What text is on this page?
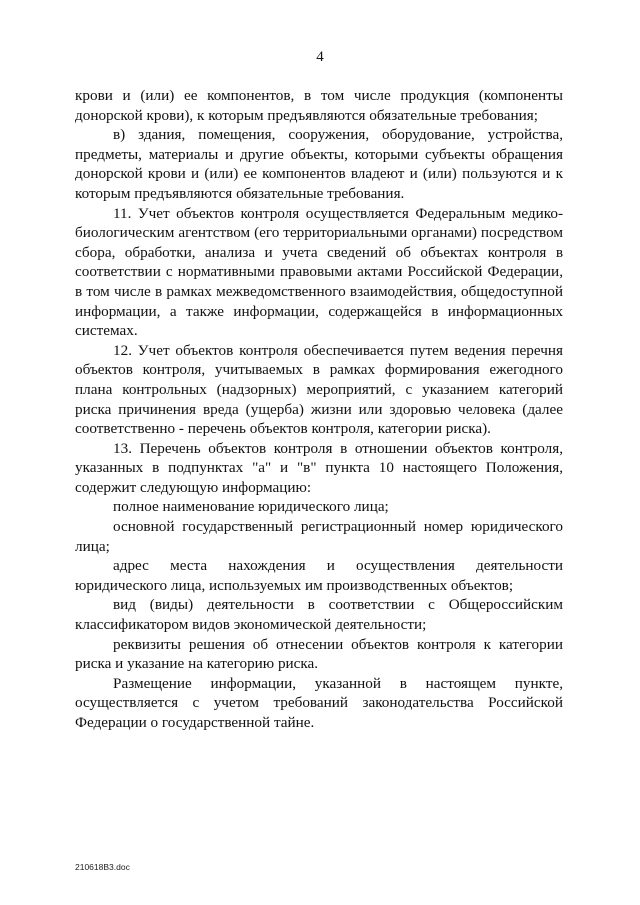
4

крови и (или) ее компонентов, в том числе продукция (компоненты донорской крови), к которым предъявляются обязательные требования;

в) здания, помещения, сооружения, оборудование, устройства, предметы, материалы и другие объекты, которыми субъекты обращения донорской крови и (или) ее компонентов владеют и (или) пользуются и к которым предъявляются обязательные требования.

11. Учет объектов контроля осуществляется Федеральным медико-биологическим агентством (его территориальными органами) посредством сбора, обработки, анализа и учета сведений об объектах контроля в соответствии с нормативными правовыми актами Российской Федерации, в том числе в рамках межведомственного взаимодействия, общедоступной информации, а также информации, содержащейся в информационных системах.

12. Учет объектов контроля обеспечивается путем ведения перечня объектов контроля, учитываемых в рамках формирования ежегодного плана контрольных (надзорных) мероприятий, с указанием категорий риска причинения вреда (ущерба) жизни или здоровью человека (далее соответственно - перечень объектов контроля, категории риска).

13. Перечень объектов контроля в отношении объектов контроля, указанных в подпунктах "а" и "в" пункта 10 настоящего Положения, содержит следующую информацию:

полное наименование юридического лица;

основной государственный регистрационный номер юридического лица;

адрес места нахождения и осуществления деятельности юридического лица, используемых им производственных объектов;

вид (виды) деятельности в соответствии с Общероссийским классификатором видов экономической деятельности;

реквизиты решения об отнесении объектов контроля к категории риска и указание на категорию риска.

Размещение информации, указанной в настоящем пункте, осуществляется с учетом требований законодательства Российской Федерации о государственной тайне.

210618B3.doc
